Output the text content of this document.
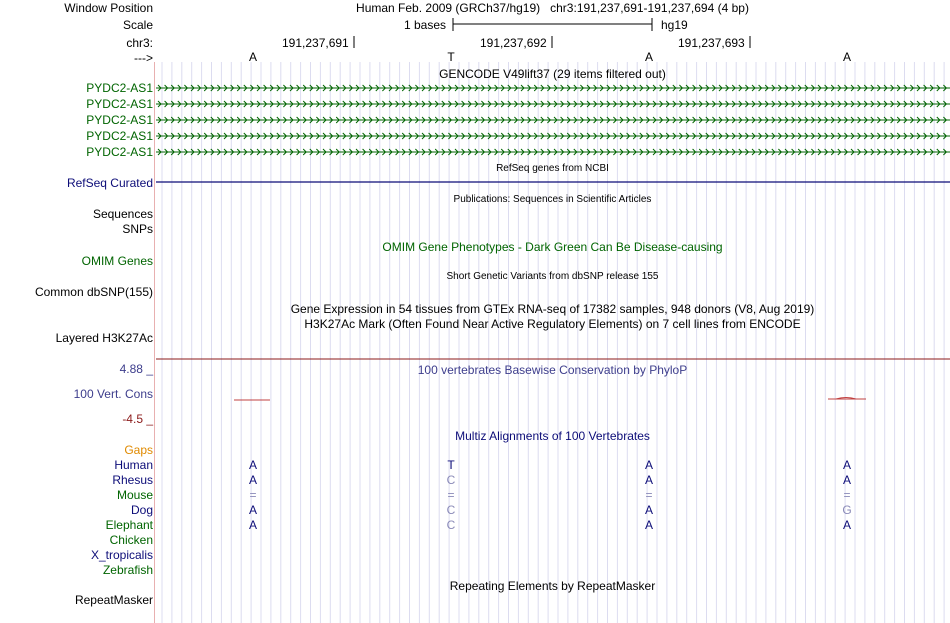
Window Position	Human Feb. 2009 (GRCh37/hg19)   chr3:191,237,691-191,237,694 (4 bp)
Scale	1 bases	hg19
chr3:	191,237,691	191,237,692	191,237,693
--->	A	T	A	A
GENCODE V49lift37 (29 items filtered out)
PYDC2-AS1
PYDC2-AS1
PYDC2-AS1
PYDC2-AS1
PYDC2-AS1
RefSeq genes from NCBI
RefSeq Curated
Publications: Sequences in Scientific Articles
Sequences
SNPs
OMIM Gene Phenotypes - Dark Green Can Be Disease-causing
OMIM Genes
Short Genetic Variants from dbSNP release 155
Common dbSNP(155)
Gene Expression in 54 tissues from GTEx RNA-seq of 17382 samples, 948 donors (V8, Aug 2019)
H3K27Ac Mark (Often Found Near Active Regulatory Elements) on 7 cell lines from ENCODE
Layered H3K27Ac
100 vertebrates Basewise Conservation by PhyloP
4.88 _
100 Vert. Cons
-4.5 _
Multiz Alignments of 100 Vertebrates
Gaps
Human	A	T	A	A
Rhesus	A	C	A	A
Mouse	=	=	=	=
Dog	A	C	A	G
Elephant	A	C	A	A
Chicken
X_tropicalis
Zebrafish
Repeating Elements by RepeatMasker
RepeatMasker
